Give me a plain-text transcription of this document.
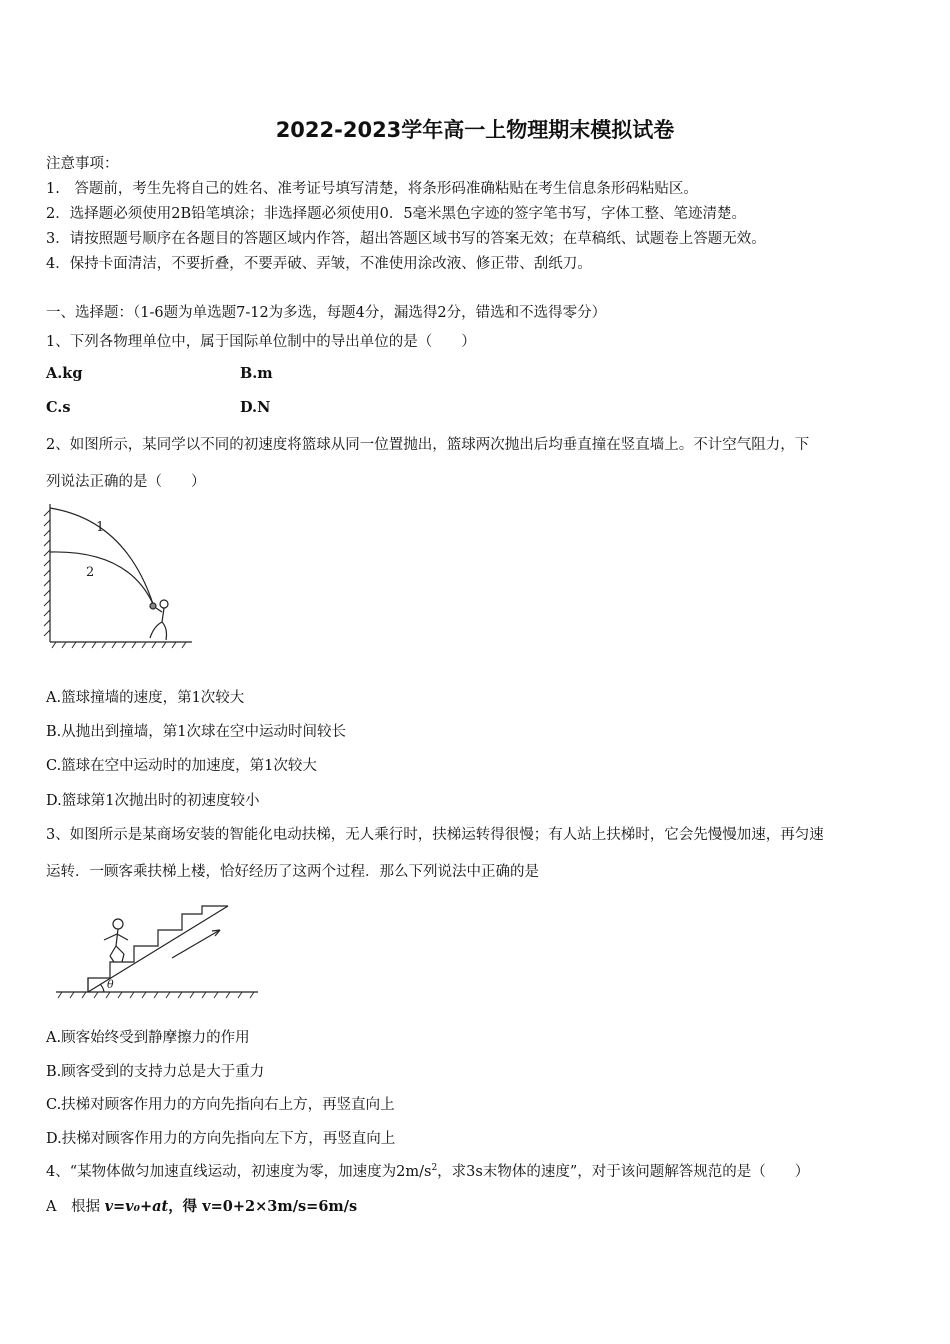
2022-2023学年高一上物理期末模拟试卷
注意事项：
1.　答题前，考生先将自己的姓名、准考证号填写清楚，将条形码准确粘贴在考生信息条形码粘贴区。
2．选择题必须使用2B铅笔填涂；非选择题必须使用0．5毫米黑色字迹的签字笔书写，字体工整、笔迹清楚。
3．请按照题号顺序在各题目的答题区域内作答，超出答题区域书写的答案无效；在草稿纸、试题卷上答题无效。
4．保持卡面清洁，不要折叠，不要弄破、弄皱，不准使用涂改液、修正带、刮纸刀。
一、选择题：（1-6题为单选题7-12为多选，每题4分，漏选得2分，错选和不选得零分）
1、下列各物理单位中，属于国际单位制中的导出单位的是（　　）
A.kg	B.m
C.s	D.N
2、如图所示，某同学以不同的初速度将篮球从同一位置抛出，篮球两次抛出后均垂直撞在竖直墙上。不计空气阻力，下
列说法正确的是（　　）
1
2
A.篮球撞墙的速度，第1次较大
B.从抛出到撞墙，第1次球在空中运动时间较长
C.篮球在空中运动时的加速度，第1次较大
D.篮球第1次抛出时的初速度较小
3、如图所示是某商场安装的智能化电动扶梯，无人乘行时，扶梯运转得很慢；有人站上扶梯时，它会先慢慢加速，再匀速
运转．一顾客乘扶梯上楼，恰好经历了这两个过程．那么下列说法中正确的是
θ
A.顾客始终受到静摩擦力的作用
B.顾客受到的支持力总是大于重力
C.扶梯对顾客作用力的方向先指向右上方，再竖直向上
D.扶梯对顾客作用力的方向先指向左下方，再竖直向上
4、“某物体做匀加速直线运动，初速度为零，加速度为$2m/s^2$，求3s末物体的速度”，对于该问题解答规范的是（　　）
A　根据 v=v₀+at，得 v=0+2×3m/s=6m/s
